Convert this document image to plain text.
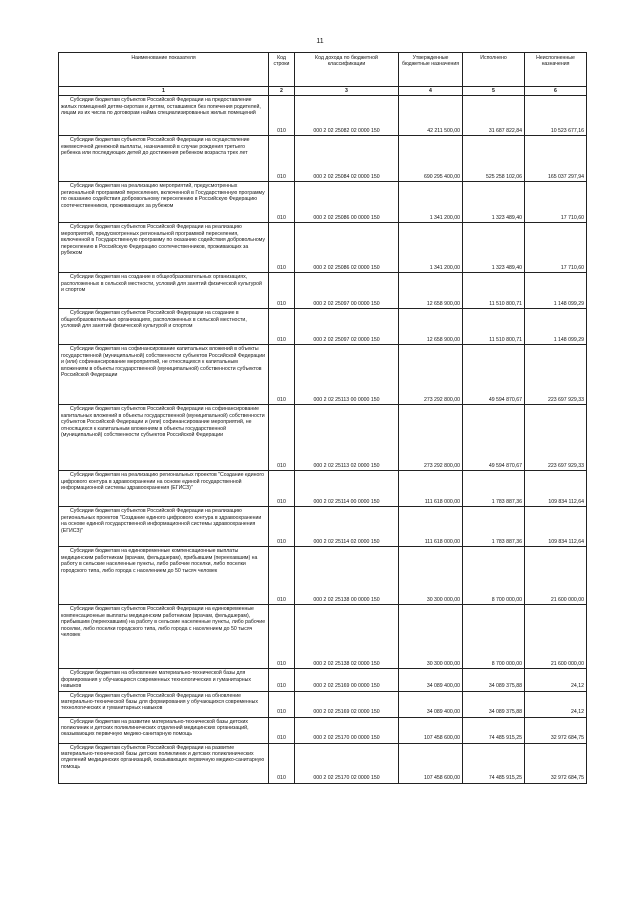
11
Наименование показателя	Код строки	Код дохода по бюджетной классификации	Утвержденные бюджетные назначения	Исполнено	Неисполненные назначения
1	2	3	4	5	6
Субсидии бюджетам субъектов Российской Федерации на предоставление жилых помещений детям-сиротам и детям, оставшимся без попечения родителей, лицам из их числа по договорам найма специализированных жилых помещений	010	000 2 02 25082 02 0000 150	42 211 500,00	31 687 822,84	10 523 677,16
Субсидии бюджетам субъектов Российской Федерации на осуществление ежемесячной денежной выплаты, назначаемой в случае рождения третьего ребенка или последующих детей до достижения ребенком возраста трех лет	010	000 2 02 25084 02 0000 150	690 295 400,00	525 258 102,06	165 037 297,94
Субсидии бюджетам на реализацию мероприятий, предусмотренных региональной программой переселения, включенной в Государственную программу по оказанию содействия добровольному переселению в Российскую Федерацию соотечественников, проживающих за рубежом	010	000 2 02 25086 00 0000 150	1 341 200,00	1 323 489,40	17 710,60
Субсидии бюджетам субъектов Российской Федерации на реализацию мероприятий, предусмотренных региональной программой переселения, включенной в Государственную программу по оказанию содействия добровольному переселению в Российскую Федерацию соотечественников, проживающих за рубежом	010	000 2 02 25086 02 0000 150	1 341 200,00	1 323 489,40	17 710,60
Субсидии бюджетам на создание в общеобразовательных организациях, расположенных в сельской местности, условий для занятий физической культурой и спортом	010	000 2 02 25097 00 0000 150	12 658 900,00	11 510 800,71	1 148 099,29
Субсидии бюджетам субъектов Российской Федерации на создание в общеобразовательных организациях, расположенных в сельской местности, условий для занятий физической культурой и спортом	010	000 2 02 25097 02 0000 150	12 658 900,00	11 510 800,71	1 148 099,29
Субсидии бюджетам на софинансирование капитальных вложений в объекты государственной (муниципальной) собственности субъектов Российской Федерации и (или) софинансирование мероприятий, не относящихся к капитальным вложениям в объекты государственной (муниципальной) собственности субъектов Российской Федерации	010	000 2 02 25113 00 0000 150	273 292 800,00	49 594 870,67	223 697 929,33
Субсидии бюджетам субъектов Российской Федерации на софинансирование капитальных вложений в объекты государственной (муниципальной) собственности субъектов Российской Федерации и (или) софинансирование мероприятий, не относящихся к капитальным вложениям в объекты государственной (муниципальной) собственности субъектов Российской Федерации	010	000 2 02 25113 02 0000 150	273 292 800,00	49 594 870,67	223 697 929,33
Субсидии бюджетам на реализацию региональных проектов "Создание единого цифрового контура в здравоохранении на основе единой государственной информационной системы здравоохранения (ЕГИСЗ)"	010	000 2 02 25114 00 0000 150	111 618 000,00	1 783 887,36	109 834 112,64
Субсидии бюджетам субъектов Российской Федерации на реализацию региональных проектов "Создание единого цифрового контура в здравоохранении на основе единой государственной информационной системы здравоохранения (ЕГИСЗ)"	010	000 2 02 25114 02 0000 150	111 618 000,00	1 783 887,36	109 834 112,64
Субсидии бюджетам на единовременные компенсационные выплаты медицинским работникам (врачам, фельдшерам), прибывшим (переехавшим) на работу в сельские населенные пункты, либо рабочие поселки, либо поселки городского типа, либо города с населением до 50 тысяч человек	010	000 2 02 25138 00 0000 150	30 300 000,00	8 700 000,00	21 600 000,00
Субсидии бюджетам субъектов Российской Федерации на единовременные компенсационные выплаты медицинским работникам (врачам, фельдшерам), прибывшим (переехавшим) на работу в сельские населенные пункты, либо рабочие поселки, либо поселки городского типа, либо города с населением до 50 тысяч человек	010	000 2 02 25138 02 0000 150	30 300 000,00	8 700 000,00	21 600 000,00
Субсидии бюджетам на обновление материально-технической базы для формирования у обучающихся современных технологических и гуманитарных навыков	010	000 2 02 25169 00 0000 150	34 089 400,00	34 089 375,88	24,12
Субсидии бюджетам субъектов Российской Федерации на обновление материально-технической базы для формирования у обучающихся современных технологических и гуманитарных навыков	010	000 2 02 25169 02 0000 150	34 089 400,00	34 089 375,88	24,12
Субсидии бюджетам на развитие материально-технической базы детских поликлиник и детских поликлинических отделений медицинских организаций, оказывающих первичную медико-санитарную помощь	010	000 2 02 25170 00 0000 150	107 458 600,00	74 485 915,25	32 972 684,75
Субсидии бюджетам субъектов Российской Федерации на развитие материально-технической базы детских поликлиник и детских поликлинических отделений медицинских организаций, оказывающих первичную медико-санитарную помощь	010	000 2 02 25170 02 0000 150	107 458 600,00	74 485 915,25	32 972 684,75
